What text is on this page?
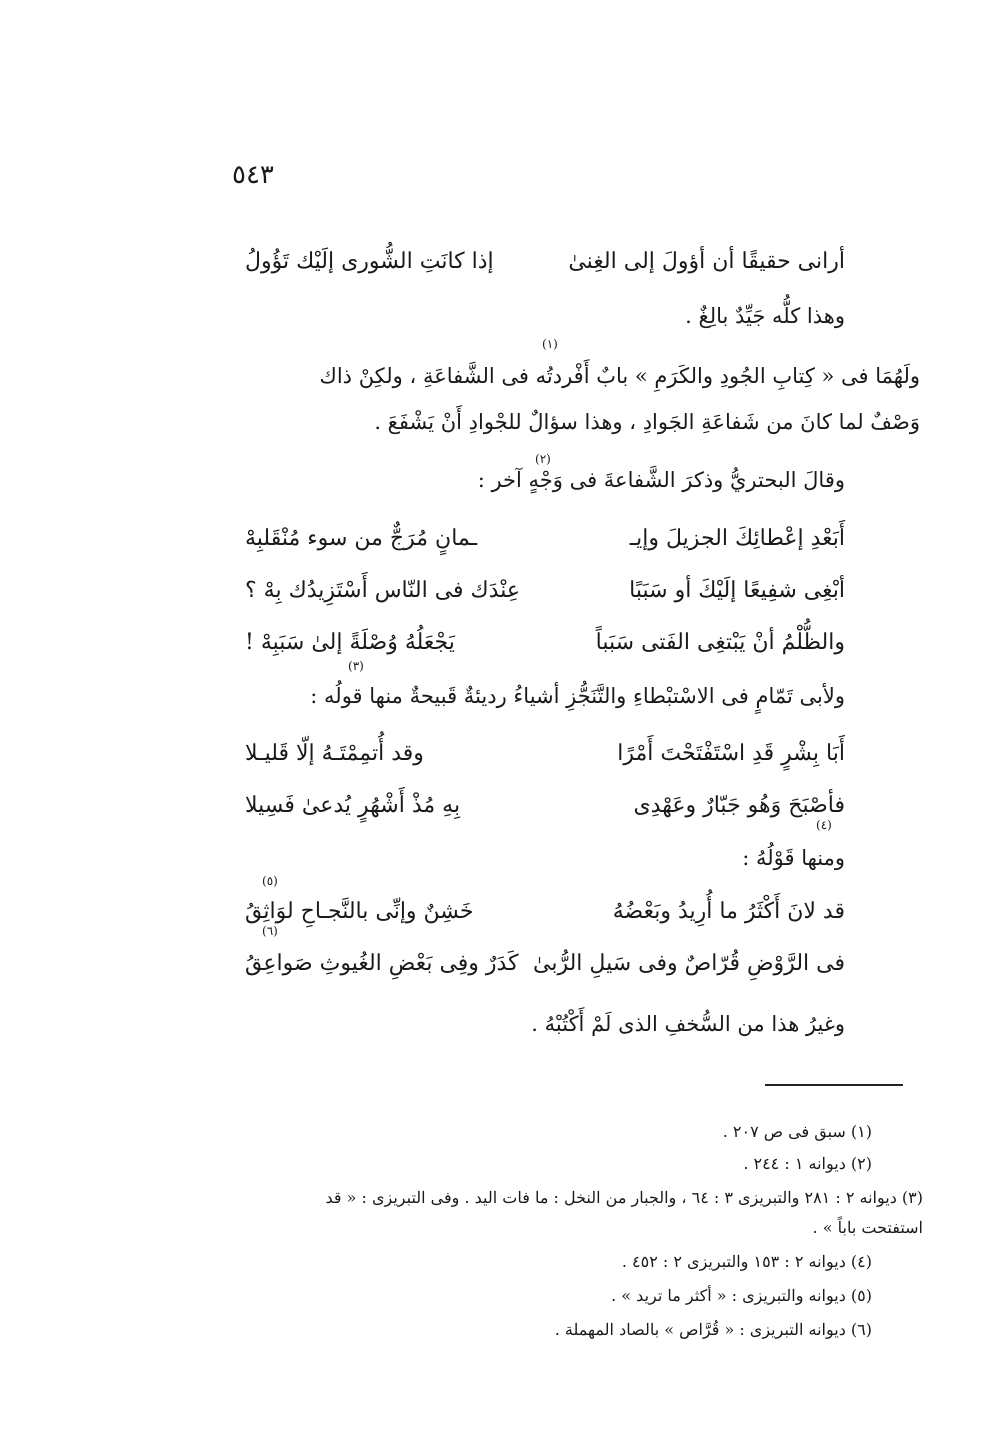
٥٤٣
أرانى حقيقًا أن أؤولَ إلى الغِنىٰ
إذا كانَتِ الشُّورى إلَيْك تَؤُولُ
وهذا كلُّه جَيِّدٌ بالِغٌ .
ولَهُمَا فى « كِتابِ الجُودِ والكَرَمِ » بابٌ أَفْردتُه فى الشَّفاعَةِ ، ولكِنْ ذاك
وَصْفٌ لما كانَ من شَفاعَةِ الجَوادِ ، وهذا سؤالٌ للجْوادِ أَنْ يَشْفَعَ .
وقالَ البحتريُّ وذكرَ الشَّفاعةَ فى وَجْهٍ آخر :
أَبَعْدِ إعْطائِكَ الجزيلَ وإيـ
ـمانٍ مُرَجٌّ من سوء مُنْقَلبِهْ
أبْغِى شفِيعًا إلَيْكَ أو سَبَبًا
عِنْدَك فى النّاس أَسْتَزِيدُك بِهْ ؟
والظُّلْمُ أنْ يَبْتغِى الفَتى سَبَباً
يَجْعَلُهُ وُصْلَةً إلىٰ سَبَبِهْ !
ولأبى تَمّامٍ فى الاسْتبْطاءِ والتَّنَجُّزِ أشياءُ رديئةٌ قَبيحةٌ منها قولُه :
أَبَا بِشْرٍ قَدِ اسْتَفْتَحْتَ أَمْرًا
وقد أُتمِمْتَـهُ إلّا قَليـلا
فأصْبَحَ وَهُو جَبّارٌ وعَهْدِى
بِهِ مُذْ أَشْهُرٍ يُدعىٰ فَسِيلا
ومنها قَوْلُهُ :
قد لانَ أَكْثَرُ ما أُرِيدُ وبَعْضُهُ
خَشِنٌ وإنِّى بالنَّجـاحِ لوَاثِقُ
فى الرَّوْضِ قُرّاصٌ وفى سَيلِ الرُّبىٰ
كَدَرٌ وفِى بَعْضِ الغُيوثِ صَواعِقُ
وغيرُ هذا من السُّخفِ الذى لَمْ أَكْتُبْهُ .
(١)
(٢)
(٣)
(٤)
(٥)
(٦)
(١) سبق فى ص ٢٠٧ .
(٢) ديوانه ١ : ٢٤٤ .
(٣) ديوانه ٢ : ٢٨١ والتبريزى ٣ : ٦٤ ، والجبار من النخل : ما فات اليد . وفى التبريزى : « قد
استفتحت باباً » .
(٤) ديوانه ٢ : ١٥٣ والتبريزى ٢ : ٤٥٢ .
(٥) ديوانه والتبريزى : « أكثر ما تريد » .
(٦) ديوانه التبريزى : « قُرَّاص » بالصاد المهملة .
